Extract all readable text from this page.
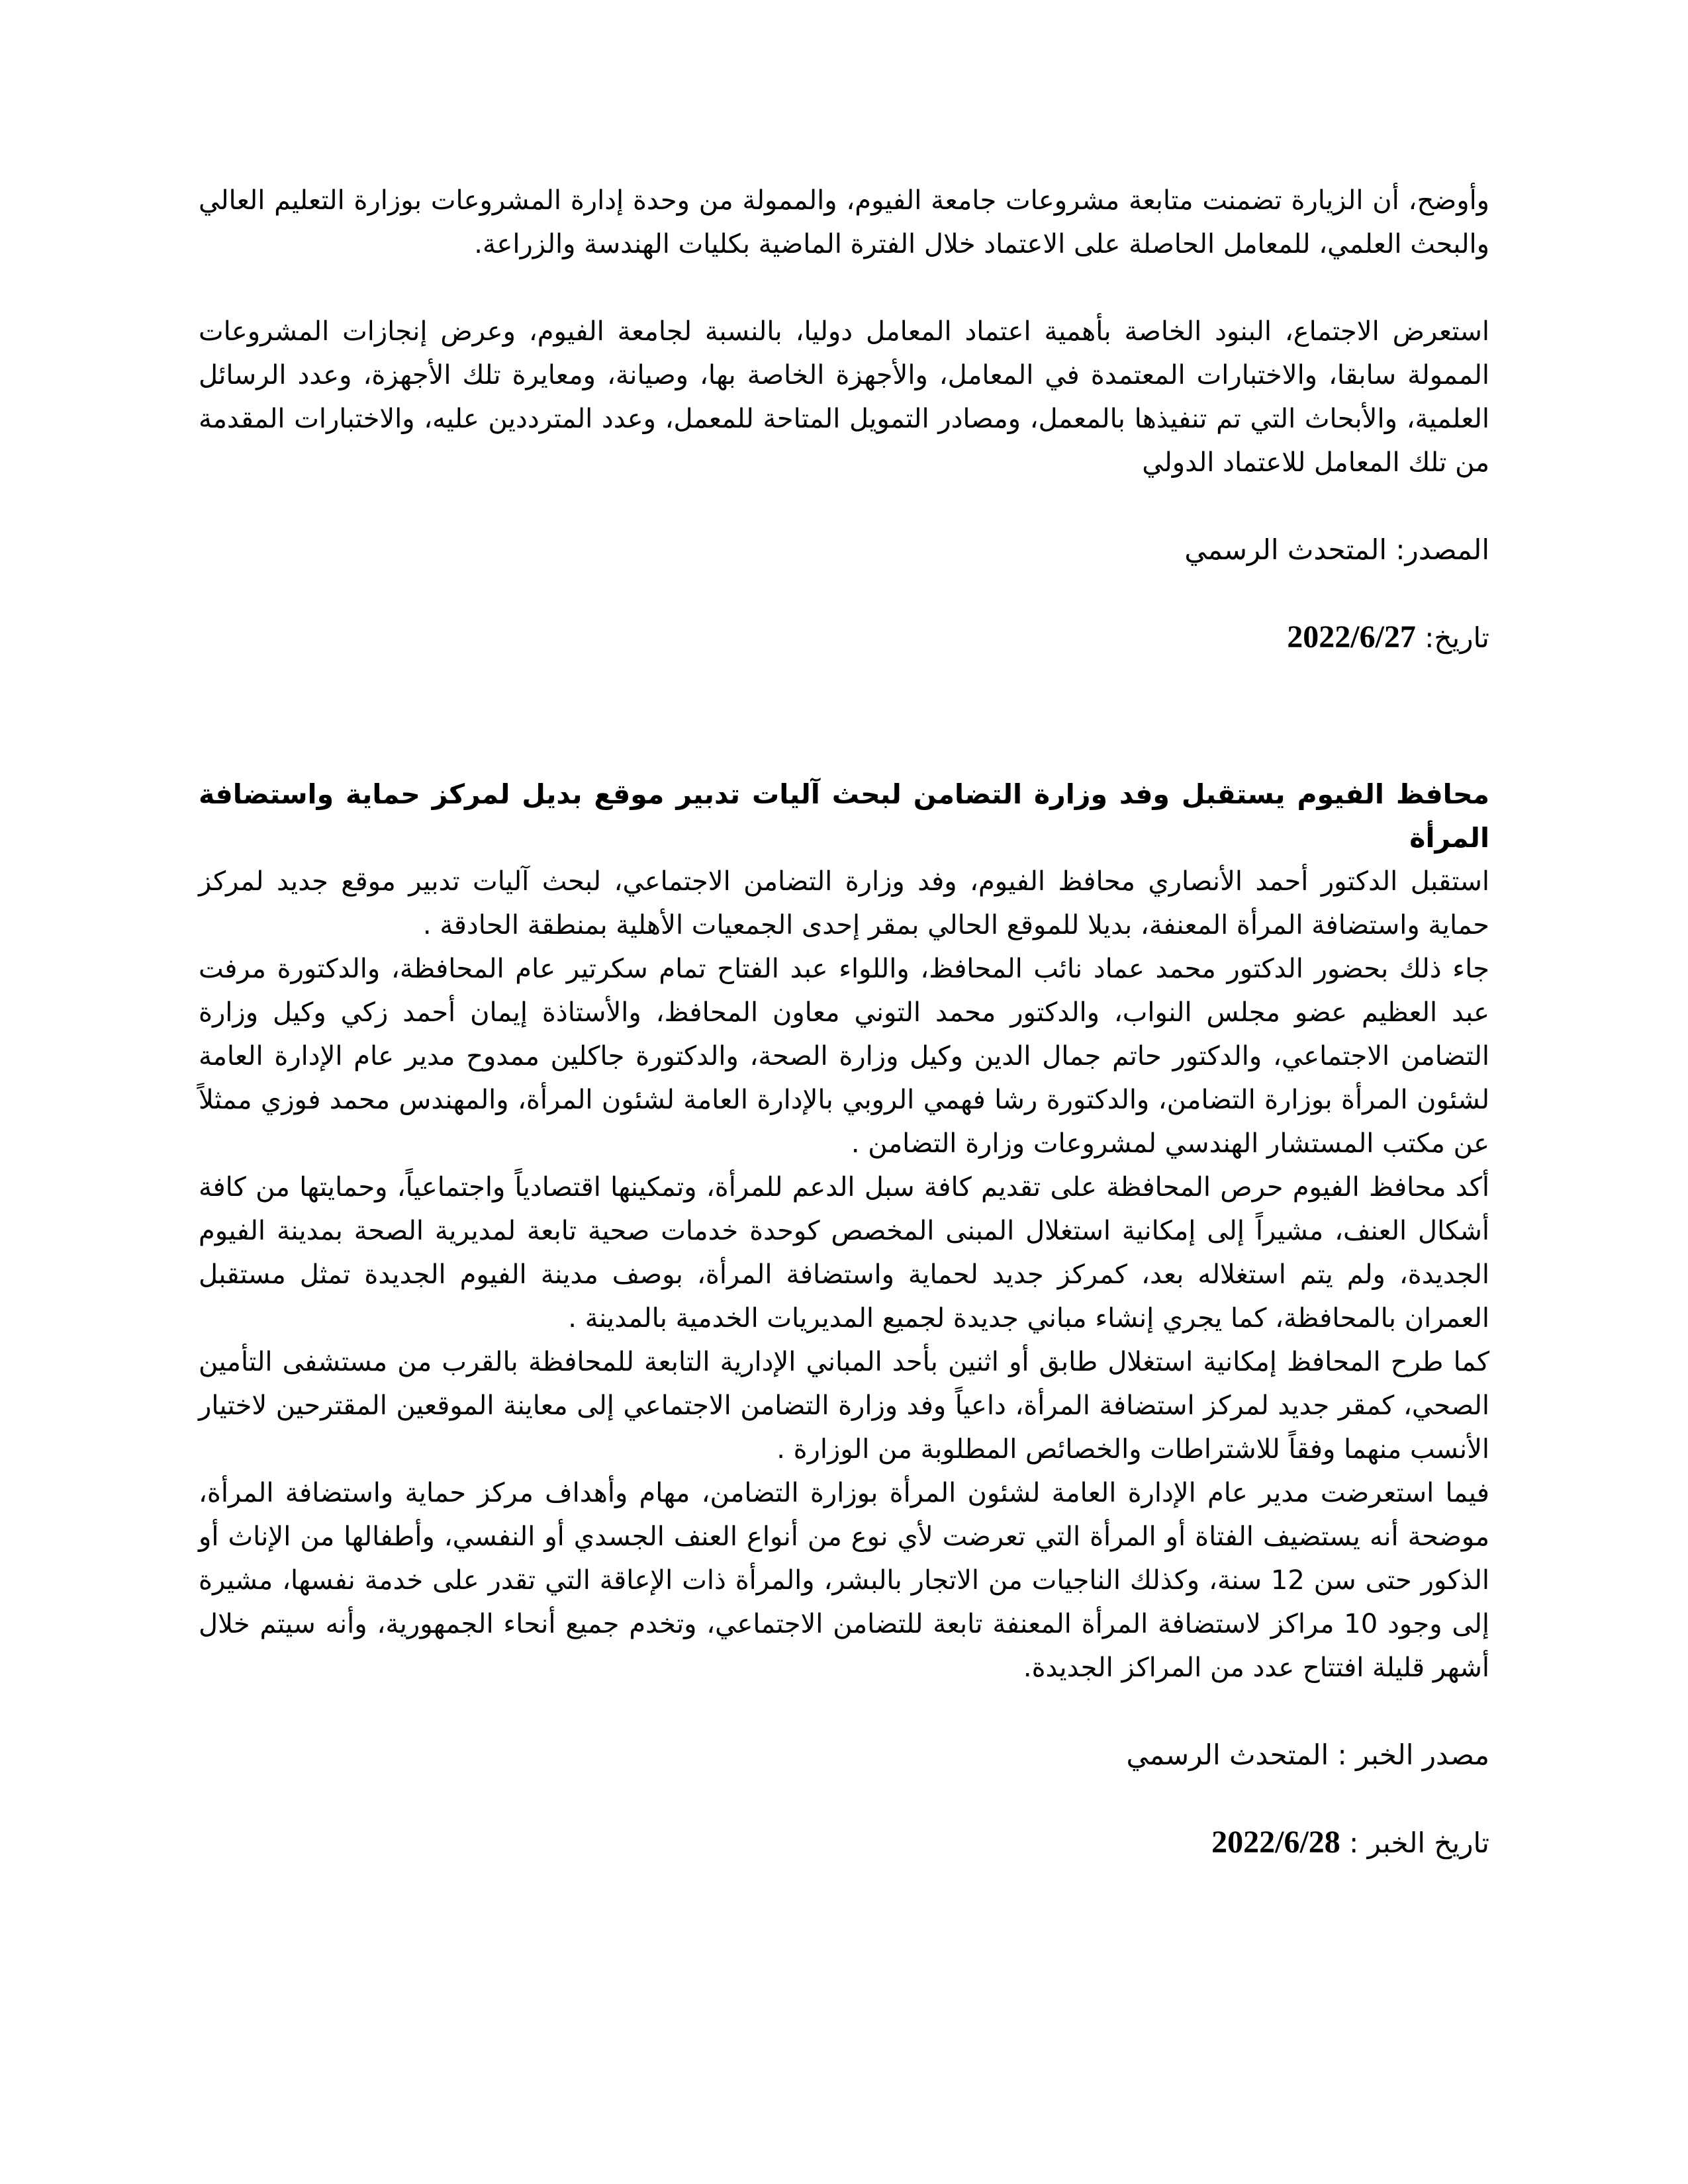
وأوضح، أن الزيارة تضمنت متابعة مشروعات جامعة الفيوم، والممولة من وحدة إدارة المشروعات بوزارة التعليم العالي والبحث العلمي، للمعامل الحاصلة على الاعتماد خلال الفترة الماضية بكليات الهندسة والزراعة.

استعرض الاجتماع، البنود الخاصة بأهمية اعتماد المعامل دوليا، بالنسبة لجامعة الفيوم، وعرض إنجازات المشروعات الممولة سابقا، والاختبارات المعتمدة في المعامل، والأجهزة الخاصة بها، وصيانة، ومعايرة تلك الأجهزة، وعدد الرسائل العلمية، والأبحاث التي تم تنفيذها بالمعمل، ومصادر التمويل المتاحة للمعمل، وعدد المترددين عليه، والاختبارات المقدمة من تلك المعامل للاعتماد الدولي

المصدر: المتحدث الرسمي

تاريخ: 2022/6/27

محافظ الفيوم يستقبل وفد وزارة التضامن لبحث آليات تدبير موقع بديل لمركز حماية واستضافة المرأة

استقبل الدكتور أحمد الأنصاري محافظ الفيوم، وفد وزارة التضامن الاجتماعي، لبحث آليات تدبير موقع جديد لمركز حماية واستضافة المرأة المعنفة، بديلا للموقع الحالي بمقر إحدى الجمعيات الأهلية بمنطقة الحادقة .

جاء ذلك بحضور الدكتور محمد عماد نائب المحافظ، واللواء عبد الفتاح تمام سكرتير عام المحافظة، والدكتورة مرفت عبد العظيم عضو مجلس النواب، والدكتور محمد التوني معاون المحافظ، والأستاذة إيمان أحمد زكي وكيل وزارة التضامن الاجتماعي، والدكتور حاتم جمال الدين وكيل وزارة الصحة، والدكتورة جاكلين ممدوح مدير عام الإدارة العامة لشئون المرأة بوزارة التضامن، والدكتورة رشا فهمي الروبي بالإدارة العامة لشئون المرأة، والمهندس محمد فوزي ممثلاً عن مكتب المستشار الهندسي لمشروعات وزارة التضامن .

أكد محافظ الفيوم حرص المحافظة على تقديم كافة سبل الدعم للمرأة، وتمكينها اقتصادياً واجتماعياً، وحمايتها من كافة أشكال العنف، مشيراً إلى إمكانية استغلال المبنى المخصص كوحدة خدمات صحية تابعة لمديرية الصحة بمدينة الفيوم الجديدة، ولم يتم استغلاله بعد، كمركز جديد لحماية واستضافة المرأة، بوصف مدينة الفيوم الجديدة تمثل مستقبل العمران بالمحافظة، كما يجري إنشاء مباني جديدة لجميع المديريات الخدمية بالمدينة .

كما طرح المحافظ إمكانية استغلال طابق أو اثنين بأحد المباني الإدارية التابعة للمحافظة بالقرب من مستشفى التأمين الصحي، كمقر جديد لمركز استضافة المرأة، داعياً وفد وزارة التضامن الاجتماعي إلى معاينة الموقعين المقترحين لاختيار الأنسب منهما وفقاً للاشتراطات والخصائص المطلوبة من الوزارة .

فيما استعرضت مدير عام الإدارة العامة لشئون المرأة بوزارة التضامن، مهام وأهداف مركز حماية واستضافة المرأة، موضحة أنه يستضيف الفتاة أو المرأة التي تعرضت لأي نوع من أنواع العنف الجسدي أو النفسي، وأطفالها من الإناث أو الذكور حتى سن 12 سنة، وكذلك الناجيات من الاتجار بالبشر، والمرأة ذات الإعاقة التي تقدر على خدمة نفسها، مشيرة إلى وجود 10 مراكز لاستضافة المرأة المعنفة تابعة للتضامن الاجتماعي، وتخدم جميع أنحاء الجمهورية، وأنه سيتم خلال أشهر قليلة افتتاح عدد من المراكز الجديدة.

مصدر الخبر : المتحدث الرسمي

تاريخ الخبر : 2022/6/28
